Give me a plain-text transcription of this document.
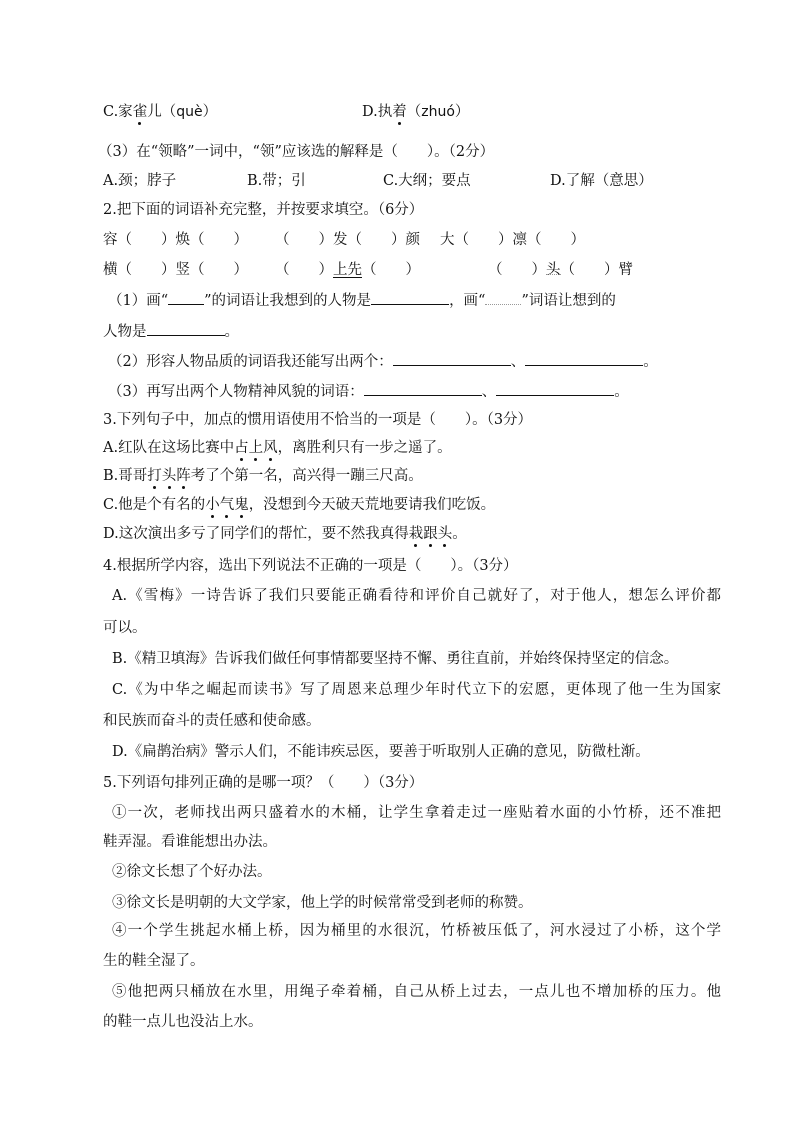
C.家雀儿（què）	D.执着（zhuó）
（3）在“领略”一词中，“领”应该选的解释是（　　）。（2分）
A.颈；脖子	B.带；引	C.大纲；要点	D.了解（意思）
2.把下面的词语补充完整，并按要求填空。（6分）
容（　　）焕（　　） （　　）发（　　）颜 大（　　）凛（　　）
横（　　）竖（　　） （　　）上先（　　）	（　　）头（　　）臂
（1）画“ ”的词语让我想到的人物是	，画“ ”词语让想到的
人物是	。
（2）形容人物品质的词语我还能写出两个：	、	。
（3）再写出两个人物精神风貌的词语：	、	。
3.下列句子中，加点的惯用语使用不恰当的一项是（　　）。（3分）
A.红队在这场比赛中占上风，离胜利只有一步之遥了。
B.哥哥打头阵考了个第一名，高兴得一蹦三尺高。
C.他是个有名的小气鬼，没想到今天破天荒地要请我们吃饭。
D.这次演出多亏了同学们的帮忙，要不然我真得栽跟头。
4.根据所学内容，选出下列说法不正确的一项是（　　）。（3分）
A.《雪梅》一诗告诉了我们只要能正确看待和评价自己就好了，对于他人，想怎么评价都
可以。
B.《精卫填海》告诉我们做任何事情都要坚持不懈、勇往直前，并始终保持坚定的信念。
C.《为中华之崛起而读书》写了周恩来总理少年时代立下的宏愿，更体现了他一生为国家
和民族而奋斗的责任感和使命感。
D.《扁鹊治病》警示人们，不能讳疾忌医，要善于听取别人正确的意见，防微杜渐。
5.下列语句排列正确的是哪一项？（　　）（3分）
①一次，老师找出两只盛着水的木桶，让学生拿着走过一座贴着水面的小竹桥，还不准把
鞋弄湿。看谁能想出办法。
②徐文长想了个好办法。
③徐文长是明朝的大文学家，他上学的时候常常受到老师的称赞。
④一个学生挑起水桶上桥，因为桶里的水很沉，竹桥被压低了，河水浸过了小桥，这个学
生的鞋全湿了。
⑤他把两只桶放在水里，用绳子牵着桶，自己从桥上过去，一点儿也不增加桥的压力。他
的鞋一点儿也没沾上水。
